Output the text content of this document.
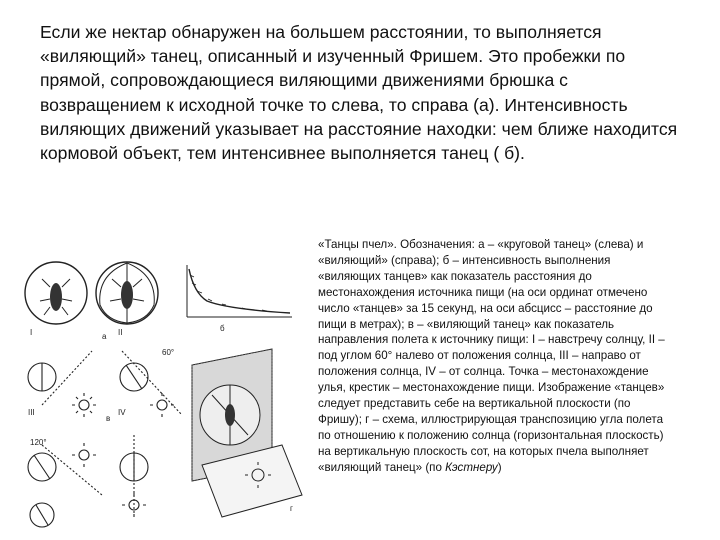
Если же нектар обнаружен на большем расстоянии, то выполняется «виляющий» танец, описанный и изученный Фришем. Это пробежки по прямой, сопровождающиеся виляющими движениями брюшка с возвращением к исходной точке то слева, то справа (а). Интенсивность виляющих движений указывает на расстояние находки: чем ближе находится кормовой объект, тем интенсивнее выполняется танец ( б).

а
б
I	II
60°
III	IV
120°
в
г

«Танцы пчел». Обозначения: а – «круговой танец» (слева) и «виляющий» (справа); б – интенсивность выполнения «виляющих танцев» как показатель расстояния до местонахождения источника пищи (на оси ординат отмечено число «танцев» за 15 секунд, на оси абсцисс – расстояние до пищи в метрах); в – «виляющий танец» как показатель направления полета к источнику пищи: I – навстречу солнцу, II – под углом 60° налево от положения солнца, III – направо от положения солнца, IV – от солнца. Точка – местонахождение улья, крестик – местонахождение пищи. Изображение «танцев» следует представить себе на вертикальной плоскости (по Фришу); г – схема, иллюстрирующая транспозицию угла полета по отношению к положению солнца (горизонтальная плоскость) на вертикальную плоскость сот, на которых пчела выполняет «виляющий танец» (по Кэстнеру)
